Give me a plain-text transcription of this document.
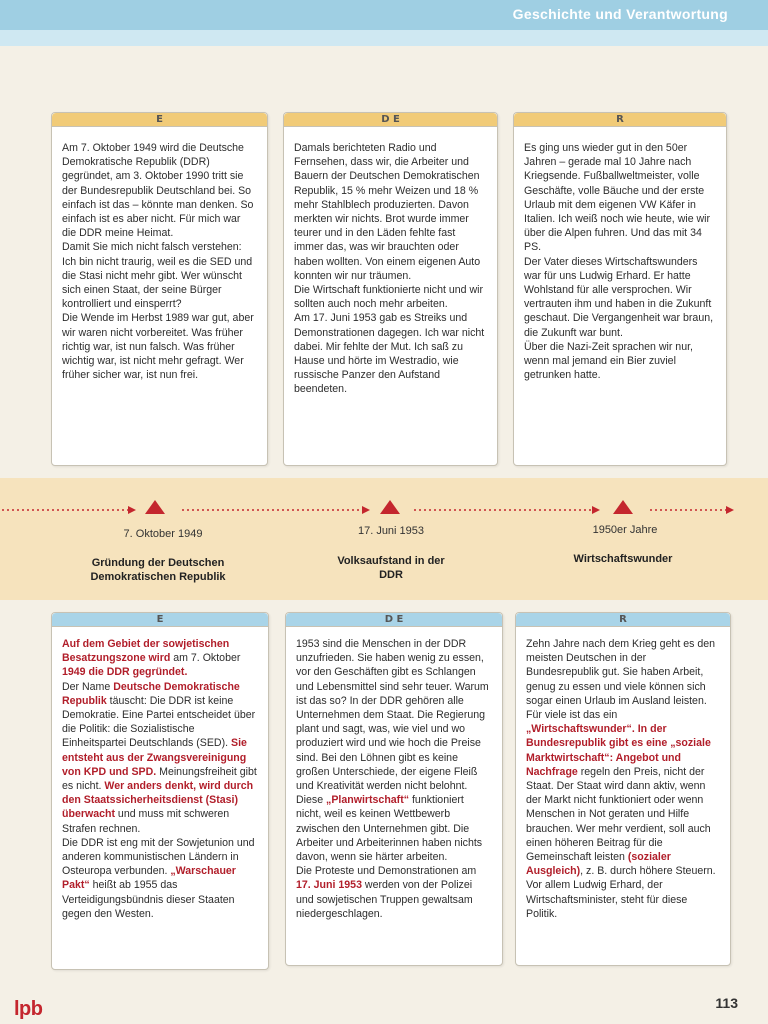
Geschichte und Verantwortung
E

Am 7. Oktober 1949 wird die Deutsche Demokratische Republik (DDR) gegründet, am 3. Oktober 1990 tritt sie der Bundesrepublik Deutschland bei. So einfach ist das – könnte man denken. So einfach ist es aber nicht. Für mich war die DDR meine Heimat.

Damit Sie mich nicht falsch verstehen: Ich bin nicht traurig, weil es die SED und die Stasi nicht mehr gibt. Wer wünscht sich einen Staat, der seine Bürger kontrolliert und einsperrt?

Die Wende im Herbst 1989 war gut, aber wir waren nicht vorbereitet. Was früher richtig war, ist nun falsch. Was früher wichtig war, ist nicht mehr gefragt. Wer früher sicher war, ist nun frei.

D E

Damals berichteten Radio und Fernsehen, dass wir, die Arbeiter und Bauern der Deutschen Demokratischen Republik, 15 % mehr Weizen und 18 % mehr Stahlblech produzierten. Davon merkten wir nichts. Brot wurde immer teurer und in den Läden fehlte fast immer das, was wir brauchten oder haben wollten. Von einem eigenen Auto konnten wir nur träumen.

Die Wirtschaft funktionierte nicht und wir sollten auch noch mehr arbeiten.

Am 17. Juni 1953 gab es Streiks und Demonstrationen dagegen. Ich war nicht dabei. Mir fehlte der Mut. Ich saß zu Hause und hörte im Westradio, wie russische Panzer den Aufstand beendeten.

R

Es ging uns wieder gut in den 50er Jahren – gerade mal 10 Jahre nach Kriegsende. Fußballweltmeister, volle Geschäfte, volle Bäuche und der erste Urlaub mit dem eigenen VW Käfer in Italien. Ich weiß noch wie heute, wie wir über die Alpen fuhren. Und das mit 34 PS.

Der Vater dieses Wirtschaftswunders war für uns Ludwig Erhard. Er hatte Wohlstand für alle versprochen. Wir vertrauten ihm und haben in die Zukunft geschaut. Die Vergangenheit war braun, die Zukunft war bunt.

Über die Nazi-Zeit sprachen wir nur, wenn mal jemand ein Bier zuviel getrunken hatte.

7. Oktober 1949	17. Juni 1953	1950er Jahre
Gründung der Deutschen Demokratischen Republik
Volksaufstand in der DDR
Wirtschaftswunder
E

Auf dem Gebiet der sowjetischen Besatzungszone wird am 7. Oktober 1949 die DDR gegründet.

Der Name Deutsche Demokratische Republik täuscht: Die DDR ist keine Demokratie. Eine Partei entscheidet über die Politik: die Sozialistische Einheitspartei Deutschlands (SED). Sie entsteht aus der Zwangsvereinigung von KPD und SPD. Meinungsfreiheit gibt es nicht. Wer anders denkt, wird durch den Staatssicherheitsdienst (Stasi) überwacht und muss mit schweren Strafen rechnen.

Die DDR ist eng mit der Sowjetunion und anderen kommunistischen Ländern in Osteuropa verbunden. „Warschauer Pakt“ heißt ab 1955 das Verteidigungsbündnis dieser Staaten gegen den Westen.

D E

1953 sind die Menschen in der DDR unzufrieden. Sie haben wenig zu essen, vor den Geschäften gibt es Schlangen und Lebensmittel sind sehr teuer. Warum ist das so? In der DDR gehören alle Unternehmen dem Staat. Die Regierung plant und sagt, was, wie viel und wo produziert wird und wie hoch die Preise sind. Bei den Löhnen gibt es keine großen Unterschiede, der eigene Fleiß und Kreativität werden nicht belohnt. Diese „Planwirtschaft“ funktioniert nicht, weil es keinen Wettbewerb zwischen den Unternehmen gibt. Die Arbeiter und Arbeiterinnen haben nichts davon, wenn sie härter arbeiten.

Die Proteste und Demonstrationen am 17. Juni 1953 werden von der Polizei und sowjetischen Truppen gewaltsam niedergeschlagen.

R

Zehn Jahre nach dem Krieg geht es den meisten Deutschen in der Bundesrepublik gut. Sie haben Arbeit, genug zu essen und viele können sich sogar einen Urlaub im Ausland leisten. Für viele ist das ein „Wirtschaftswunder“. In der Bundesrepublik gibt es eine „soziale Marktwirtschaft“: Angebot und Nachfrage regeln den Preis, nicht der Staat. Der Staat wird dann aktiv, wenn der Markt nicht funktioniert oder wenn Menschen in Not geraten und Hilfe brauchen. Wer mehr verdient, soll auch einen höheren Beitrag für die Gemeinschaft leisten (sozialer Ausgleich), z. B. durch höhere Steuern. Vor allem Ludwig Erhard, der Wirtschaftsminister, steht für diese Politik.

lpb	113
